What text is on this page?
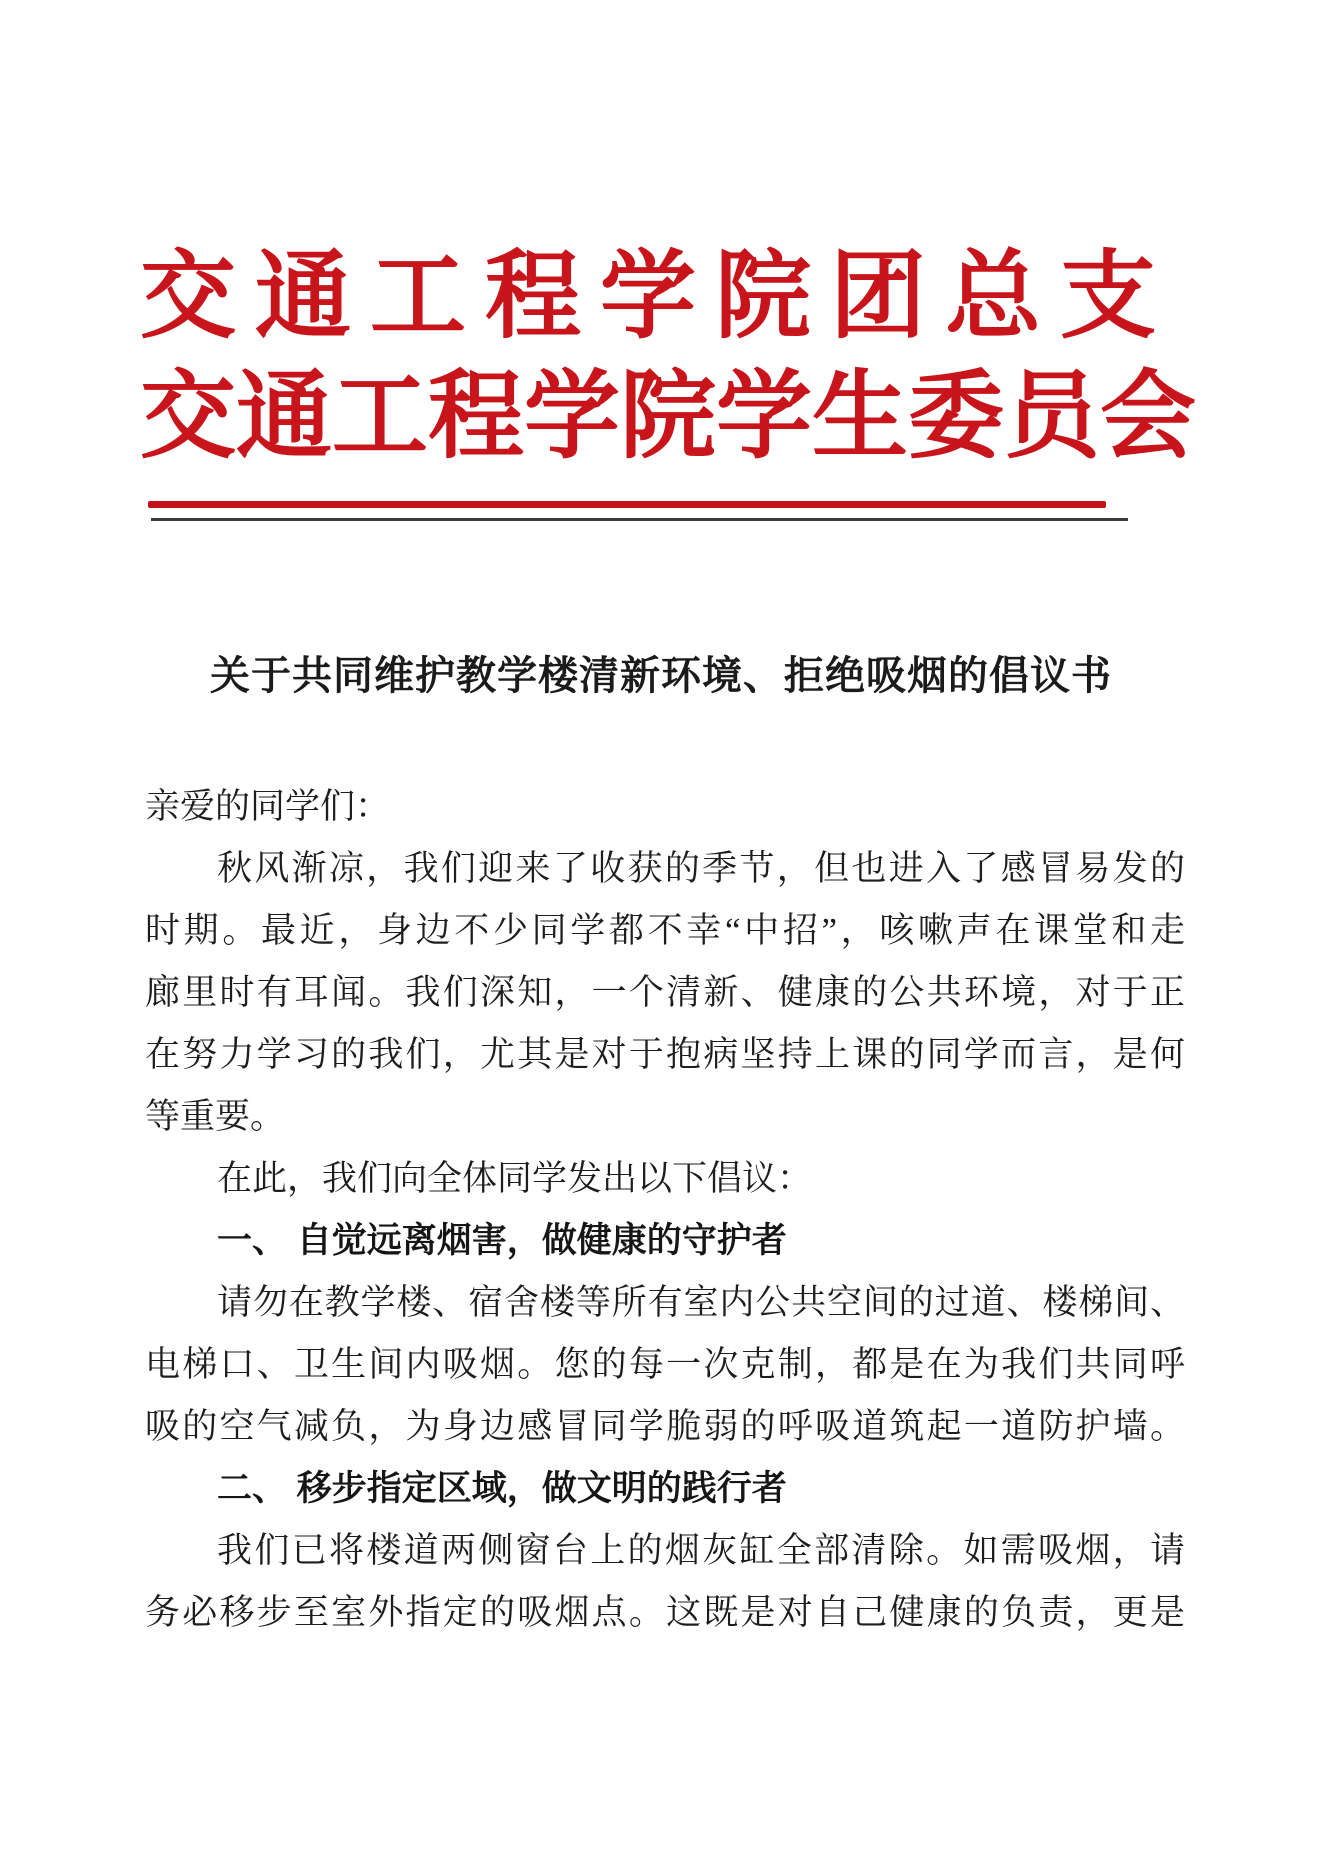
交通工程学院团总支
交通工程学院学生委员会
关于共同维护教学楼清新环境、拒绝吸烟的倡议书
亲爱的同学们：
秋风渐凉，我们迎来了收获的季节，但也进入了感冒易发的
时期。最近，身边不少同学都不幸“中招”，咳嗽声在课堂和走
廊里时有耳闻。我们深知，一个清新、健康的公共环境，对于正
在努力学习的我们，尤其是对于抱病坚持上课的同学而言，是何
等重要。
在此，我们向全体同学发出以下倡议：
一、 自觉远离烟害，做健康的守护者
请勿在教学楼、宿舍楼等所有室内公共空间的过道、楼梯间、
电梯口、卫生间内吸烟。您的每一次克制，都是在为我们共同呼
吸的空气减负，为身边感冒同学脆弱的呼吸道筑起一道防护墙。
二、 移步指定区域，做文明的践行者
我们已将楼道两侧窗台上的烟灰缸全部清除。如需吸烟，请
务必移步至室外指定的吸烟点。这既是对自己健康的负责，更是
